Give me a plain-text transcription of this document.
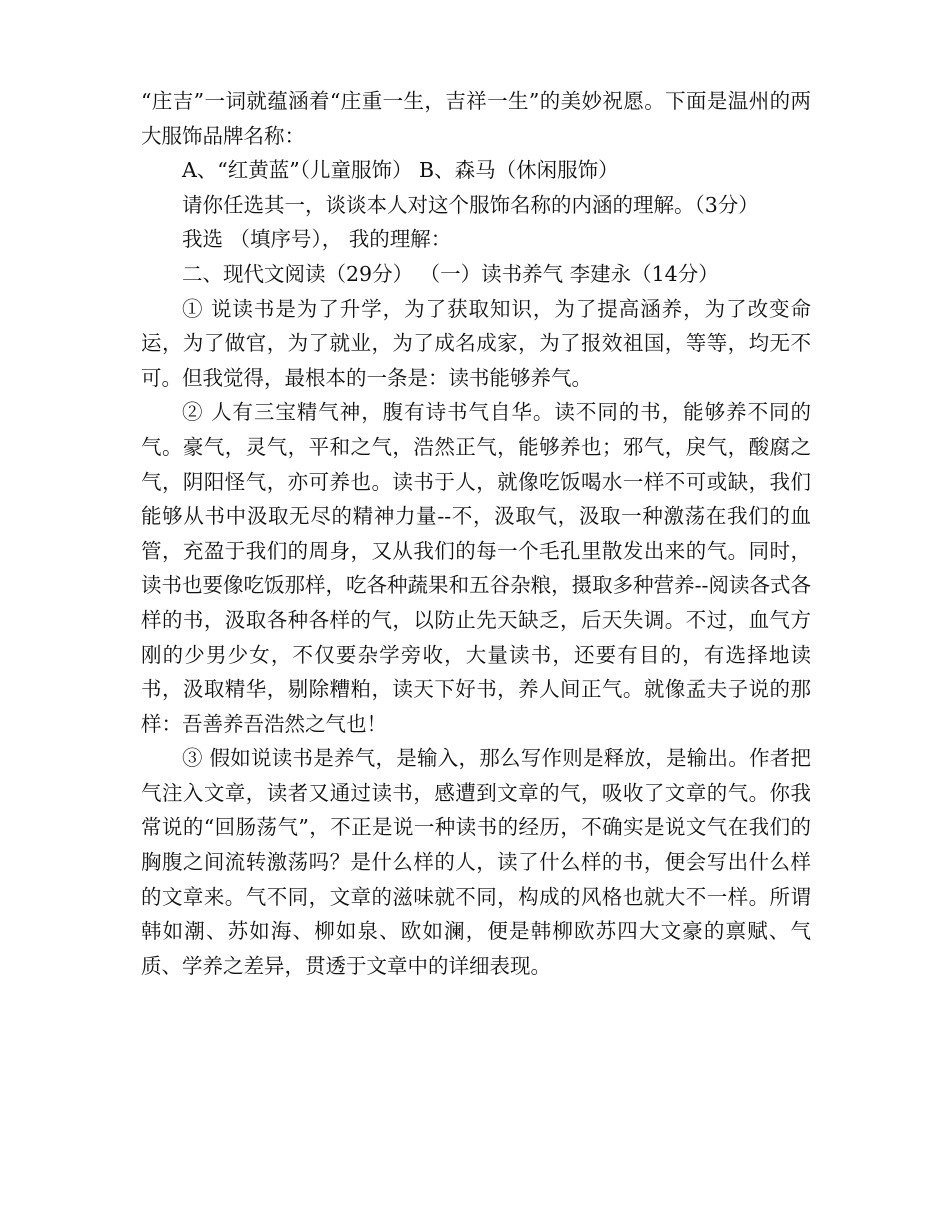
“庄吉”一词就蕴涵着“庄重一生，吉祥一生”的美妙祝愿。下面是温州的两大服饰品牌名称：

A、“红黄蓝”（儿童服饰） B、森马（休闲服饰）

请你任选其一，谈谈本人对这个服饰名称的内涵的理解。（3分）

我选 （填序号）， 我的理解：

二、现代文阅读（29分） （一）读书养气 李建永（14分）

① 说读书是为了升学，为了获取知识，为了提高涵养，为了改变命运，为了做官，为了就业，为了成名成家，为了报效祖国，等等，均无不可。但我觉得，最根本的一条是：读书能够养气。

② 人有三宝精气神，腹有诗书气自华。读不同的书，能够养不同的气。豪气，灵气，平和之气，浩然正气，能够养也；邪气，戾气，酸腐之气，阴阳怪气，亦可养也。读书于人，就像吃饭喝水一样不可或缺，我们能够从书中汲取无尽的精神力量--不，汲取气，汲取一种激荡在我们的血管，充盈于我们的周身，又从我们的每一个毛孔里散发出来的气。同时，读书也要像吃饭那样，吃各种蔬果和五谷杂粮，摄取多种营养--阅读各式各样的书，汲取各种各样的气，以防止先天缺乏，后天失调。不过，血气方刚的少男少女，不仅要杂学旁收，大量读书，还要有目的，有选择地读书，汲取精华，剔除糟粕，读天下好书，养人间正气。就像孟夫子说的那样：吾善养吾浩然之气也！

③ 假如说读书是养气，是输入，那么写作则是释放，是输出。作者把气注入文章，读者又通过读书，感遭到文章的气，吸收了文章的气。你我常说的“回肠荡气”，不正是说一种读书的经历，不确实是说文气在我们的胸腹之间流转激荡吗？是什么样的人，读了什么样的书，便会写出什么样的文章来。气不同，文章的滋味就不同，构成的风格也就大不一样。所谓韩如潮、苏如海、柳如泉、欧如澜，便是韩柳欧苏四大文豪的禀赋、气质、学养之差异，贯透于文章中的详细表现。
